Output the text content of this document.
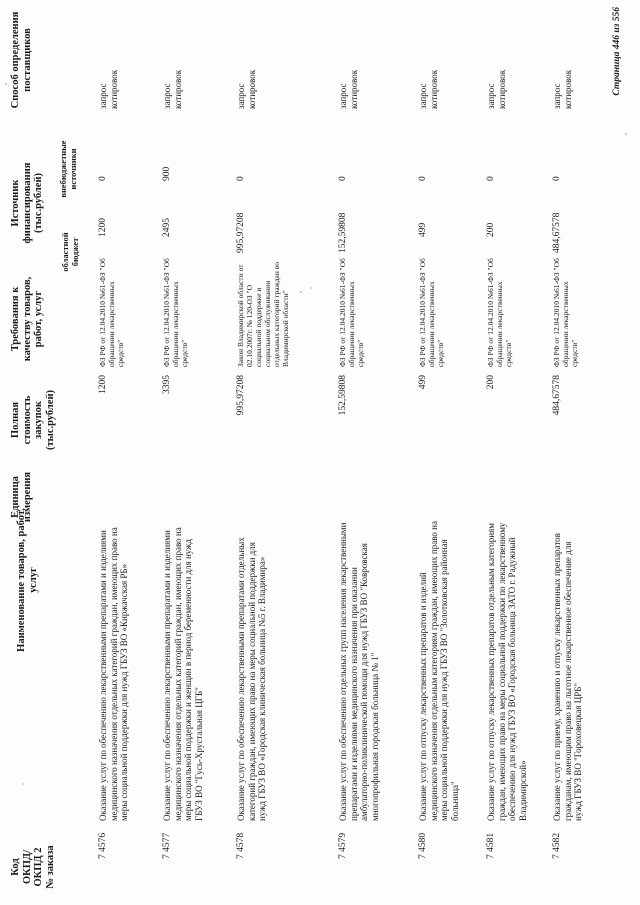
Код ОКПД/ ОКПД 2 № заказа
Наименование товаров, работ, услуг
Единица измерения
Полная стоимость закупок (тыс.рублей)
Требования к качеству товаров, работ, услуг
Источник финансирования (тыс.рублей)
областной бюджет
внебюджетные источники
Способ определения поставщиков
7 4576
Оказание услуг по обеспечению лекарственными препаратами и изделиями медицинского назначения отдельных категорий граждан, имеющих право на меры социальной поддержки для нужд ГБУЗ ВО «Киржачская РБ»
1200
ФЗ РФ от 12.04.2010 №61-ФЗ "Об обращении лекарственных средств"
1200
0
запрос котировок
7 4577
Оказание услуг по обеспечению лекарственными препаратами и изделиями медицинского назначения отдельных категорий граждан, имеющих право на меры социальной поддержки и женщин в период беременности для нужд ГБУЗ ВО "Гусь-Хрустальная ЦГБ"
3395
ФЗ РФ от 12.04.2010 №61-ФЗ "Об обращении лекарственных средств"
2495
900
запрос котировок
7 4578
Оказание услуг по обеспечению лекарственными препаратами отдельных категорий граждан, имеющих право на меры социальной поддержки для нужд ГБУЗ ВО «Городская клиническая больница №5 г. Владимира»
995,97208
Закон Владимирской области от 02.10.2007г. № 120-ОЗ "О социальной поддержке и социальном обслуживании отдельных категорий граждан во Владимирской области"
995,97208
0
запрос котировок
7 4579
Оказание услуг по обеспечению отдельных групп населения лекарственными препаратами и изделиями медицинского назначения при оказании амбулаторно-поликлинической помощи для нужд ГБУЗ ВО "Ковровская многопрофильная городская больница № 1"
152,59808
ФЗ РФ от 12.04.2010 №61-ФЗ "Об обращении лекарственных средств"
152,59808
0
запрос котировок
7 4580
Оказание услуг по отпуску лекарственных препаратов и изделий медицинского назначения отдельным категориям граждан, имеющих право на меры социальной поддержки для нужд ГБУЗ ВО "Золотковская районная больница"
499
ФЗ РФ от 12.04.2010 №61-ФЗ "Об обращении лекарственных средств"
499
0
запрос котировок
7 4581
Оказание услуг по отпуску лекарственных препаратов отдельным категориям граждан, имеющих право на меры социальной поддержки по лекарственному обеспечению для нужд ГБУЗ ВО «Городская больница ЗАТО г. Радужный Владимирской»
200
ФЗ РФ от 12.04.2010 №61-ФЗ "Об обращении лекарственных средств"
200
0
запрос котировок
7 4582
Оказание услуг по приему, хранению и отпуску лекарственных препаратов гражданам, имеющим право на льготное лекарственное обеспечение для нужд ГБУЗ ВО "Гороховецкая ЦРБ"
484,67578
ФЗ РФ от 12.04.2010 №61-ФЗ "Об обращении лекарственных средств"
484,67578
0
запрос котировок	Страница 446 из 556
